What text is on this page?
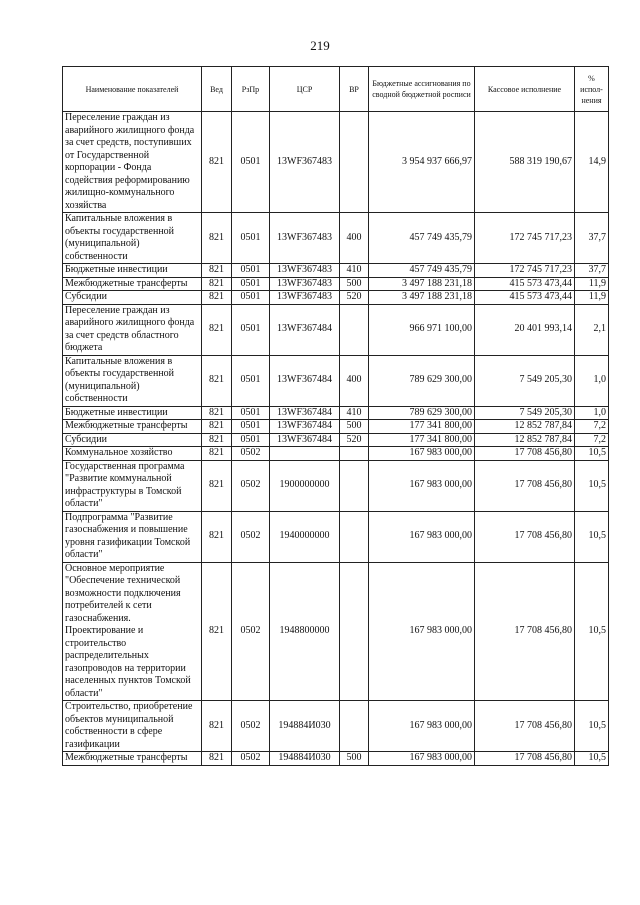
219
Наименование показателей	Вед	РзПр	ЦСР	ВР	Бюджетные ассигнования по сводной бюджетной росписи	Кассовое исполнение	% испол-нения
Переселение граждан из аварийного жилищного фонда за счет средств, поступивших от Государственной корпорации - Фонда содействия реформированию жилищно-коммунального хозяйства	821	0501	13WF367483		3 954 937 666,97	588 319 190,67	14,9
Капитальные вложения в объекты государственной (муниципальной) собственности	821	0501	13WF367483	400	457 749 435,79	172 745 717,23	37,7
Бюджетные инвестиции	821	0501	13WF367483	410	457 749 435,79	172 745 717,23	37,7
Межбюджетные трансферты	821	0501	13WF367483	500	3 497 188 231,18	415 573 473,44	11,9
Субсидии	821	0501	13WF367483	520	3 497 188 231,18	415 573 473,44	11,9
Переселение граждан из аварийного жилищного фонда за счет средств областного бюджета	821	0501	13WF367484		966 971 100,00	20 401 993,14	2,1
Капитальные вложения в объекты государственной (муниципальной) собственности	821	0501	13WF367484	400	789 629 300,00	7 549 205,30	1,0
Бюджетные инвестиции	821	0501	13WF367484	410	789 629 300,00	7 549 205,30	1,0
Межбюджетные трансферты	821	0501	13WF367484	500	177 341 800,00	12 852 787,84	7,2
Субсидии	821	0501	13WF367484	520	177 341 800,00	12 852 787,84	7,2
Коммунальное хозяйство	821	0502			167 983 000,00	17 708 456,80	10,5
Государственная программа "Развитие коммунальной инфраструктуры в Томской области"	821	0502	1900000000		167 983 000,00	17 708 456,80	10,5
Подпрограмма "Развитие газоснабжения и повышение уровня газификации Томской области"	821	0502	1940000000		167 983 000,00	17 708 456,80	10,5
Основное мероприятие "Обеспечение технической возможности подключения потребителей к сети газоснабжения. Проектирование и строительство распределительных газопроводов на территории населенных пунктов Томской области"	821	0502	1948800000		167 983 000,00	17 708 456,80	10,5
Строительство, приобретение объектов муниципальной собственности в сфере газификации	821	0502	194884И030		167 983 000,00	17 708 456,80	10,5
Межбюджетные трансферты	821	0502	194884И030	500	167 983 000,00	17 708 456,80	10,5
